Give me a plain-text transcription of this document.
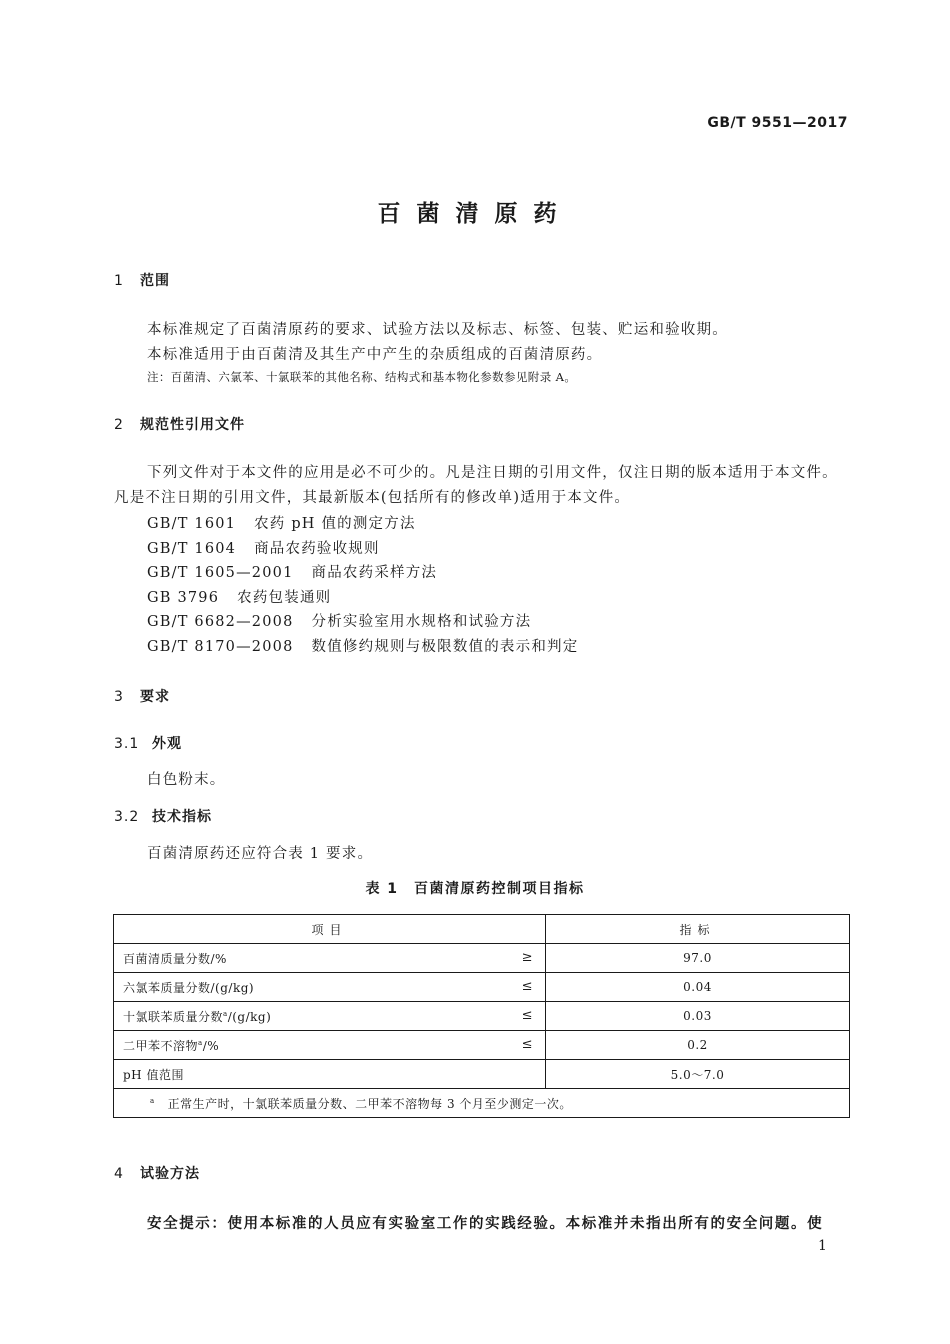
GB/T 9551—2017
百菌清原药
1 范围
本标准规定了百菌清原药的要求、试验方法以及标志、标签、包装、贮运和验收期。
本标准适用于由百菌清及其生产中产生的杂质组成的百菌清原药。
注：百菌清、六氯苯、十氯联苯的其他名称、结构式和基本物化参数参见附录 A。
2 规范性引用文件
下列文件对于本文件的应用是必不可少的。凡是注日期的引用文件，仅注日期的版本适用于本文件。凡是不注日期的引用文件，其最新版本(包括所有的修改单)适用于本文件。
GB/T 1601 农药 pH 值的测定方法
GB/T 1604 商品农药验收规则
GB/T 1605—2001 商品农药采样方法
GB 3796 农药包装通则
GB/T 6682—2008 分析实验室用水规格和试验方法
GB/T 8170—2008 数值修约规则与极限数值的表示和判定
3 要求
3.1 外观
白色粉末。
3.2 技术指标
百菌清原药还应符合表 1 要求。
表 1　百菌清原药控制项目指标
项目	指标
百菌清质量分数/% ≥	97.0
六氯苯质量分数/(g/kg) ≤	0.04
十氯联苯质量分数$^a$/(g/kg) ≤	0.03
二甲苯不溶物$^a$/% ≤	0.2
pH 值范围	5.0～7.0
$^a$ 正常生产时，十氯联苯质量分数、二甲苯不溶物每 3 个月至少测定一次。	
4 试验方法
安全提示：使用本标准的人员应有实验室工作的实践经验。本标准并未指出所有的安全问题。使
1
